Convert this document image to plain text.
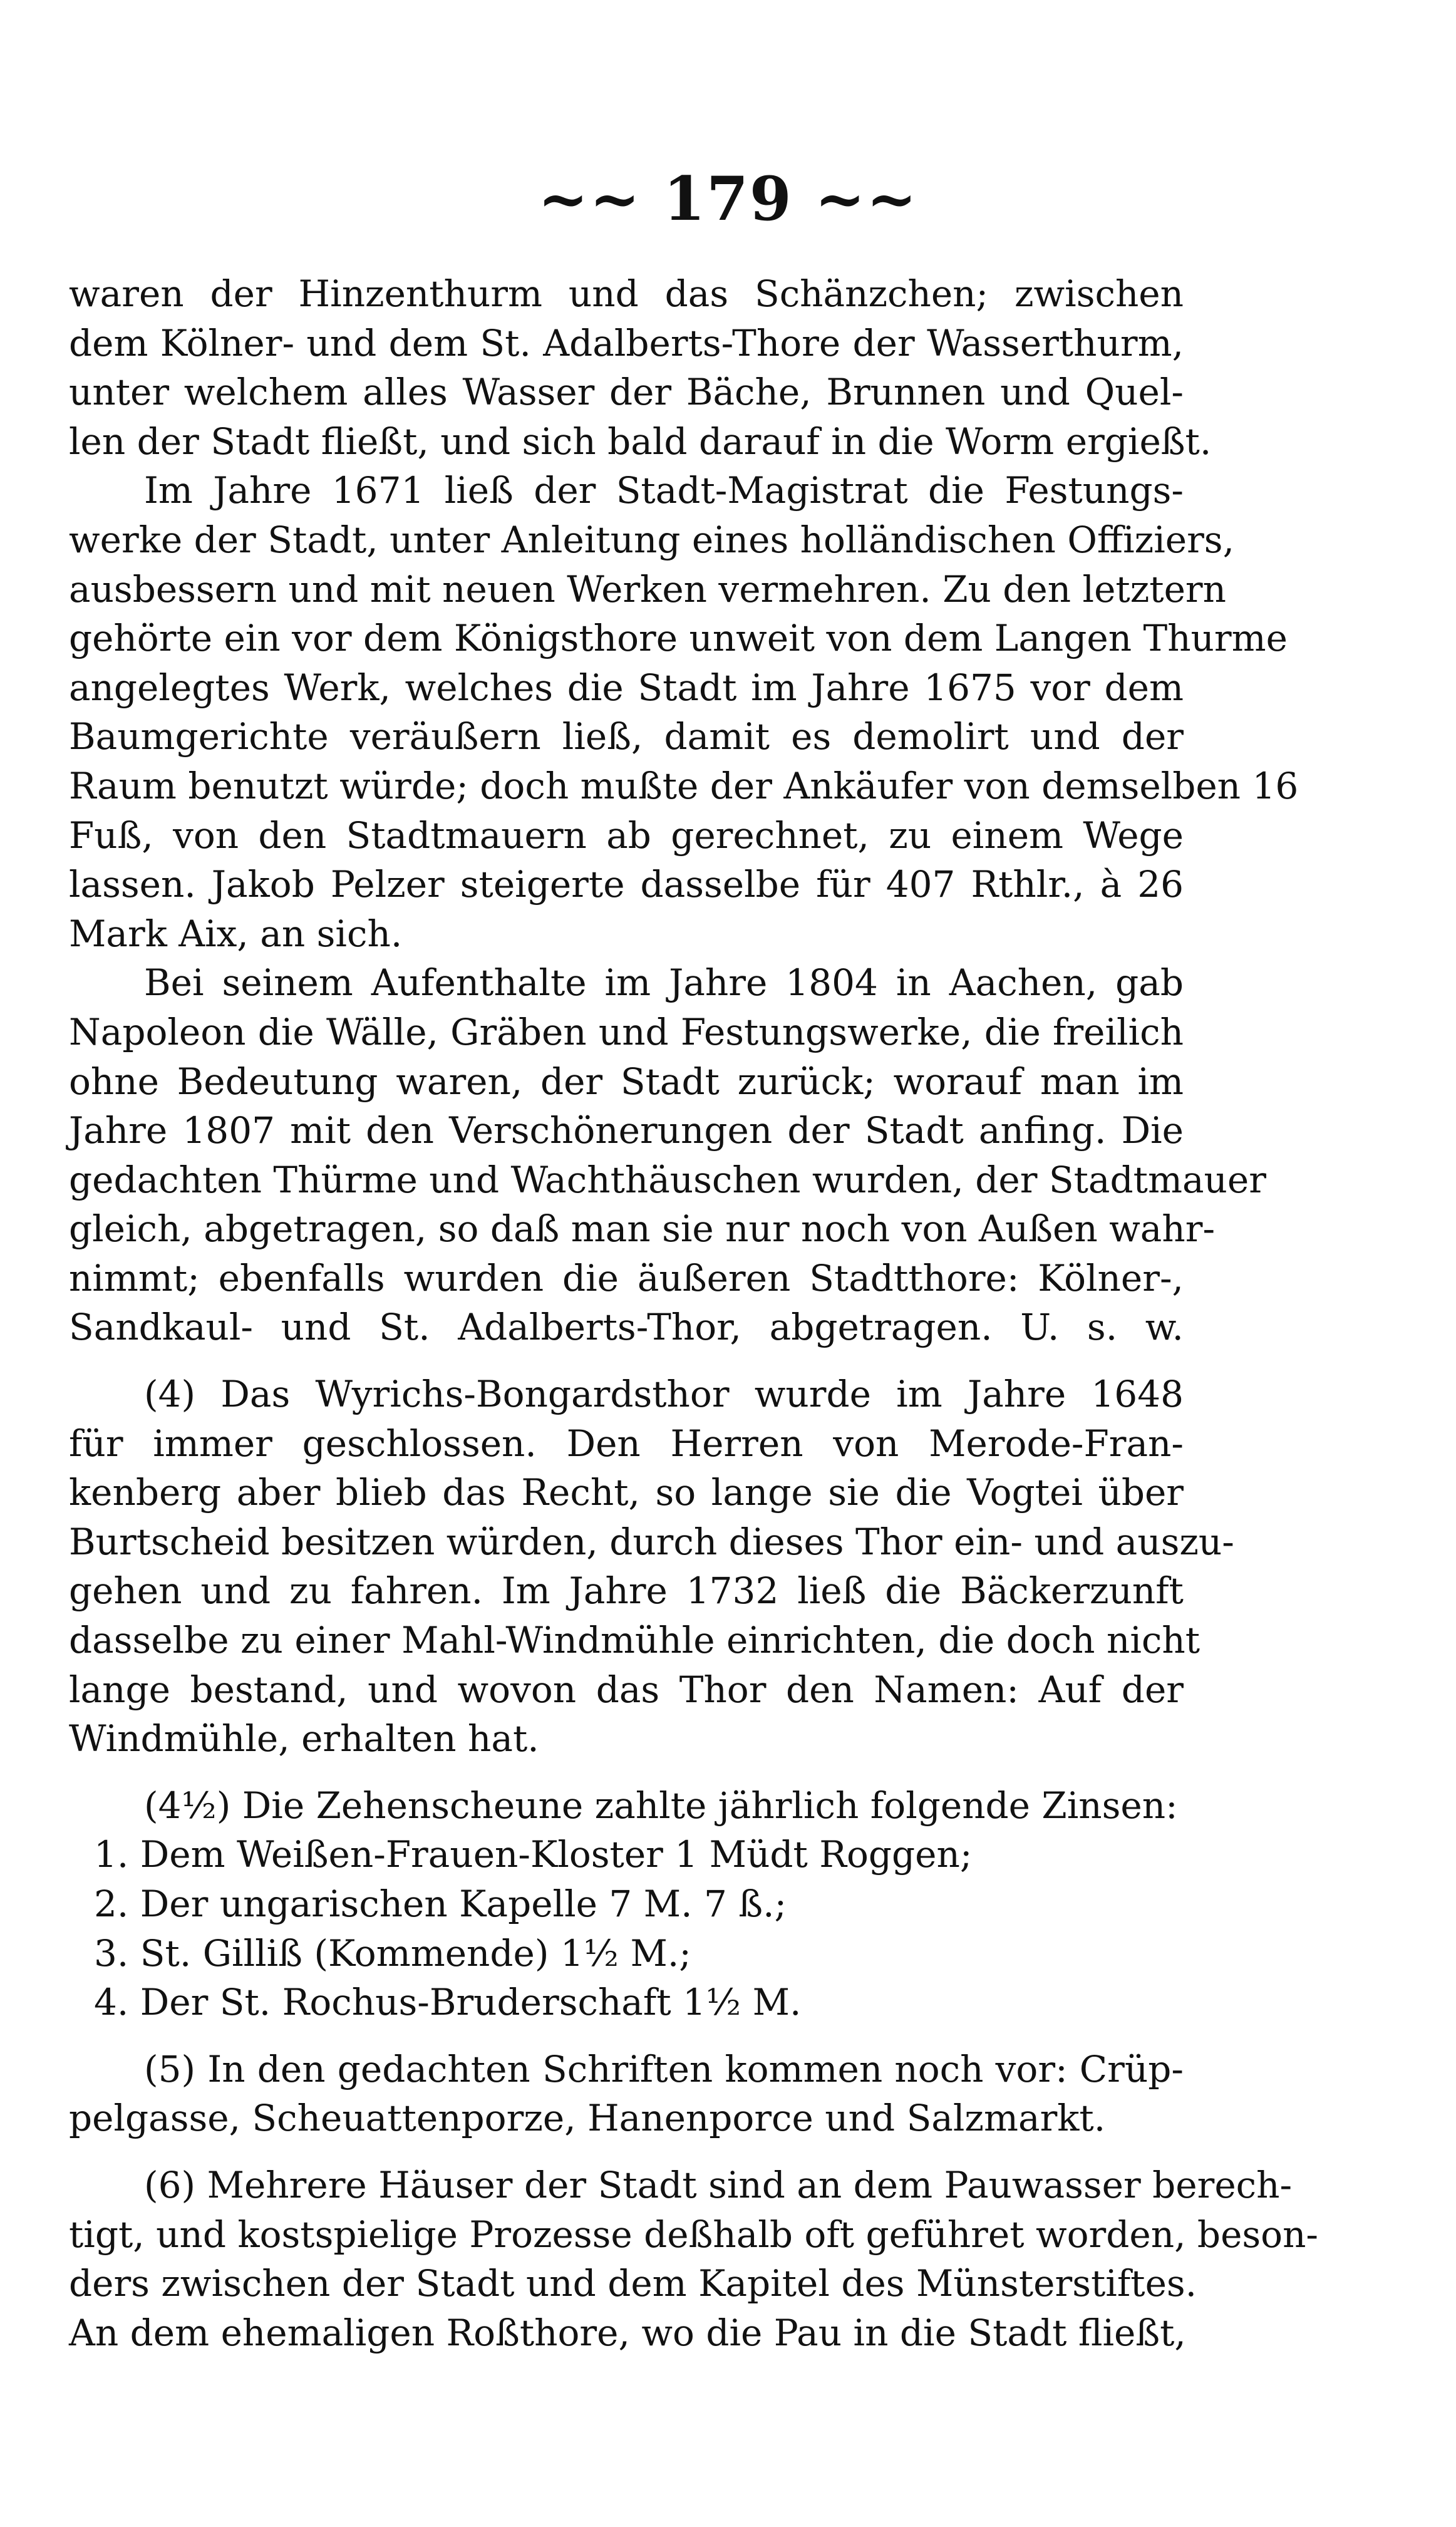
~~ 179 ~~
waren der Hinzenthurm und das Schänzchen; zwischen
dem Kölner- und dem St. Adalberts-Thore der Wasserthurm,
unter welchem alles Wasser der Bäche, Brunnen und Quel-
len der Stadt fließt, und sich bald darauf in die Worm ergießt.
Im Jahre 1671 ließ der Stadt-Magistrat die Festungs-
werke der Stadt, unter Anleitung eines holländischen Offiziers,
ausbessern und mit neuen Werken vermehren. Zu den letztern
gehörte ein vor dem Königsthore unweit von dem Langen Thurme
angelegtes Werk, welches die Stadt im Jahre 1675 vor dem
Baumgerichte veräußern ließ, damit es demolirt und der
Raum benutzt würde; doch mußte der Ankäufer von demselben 16
Fuß, von den Stadtmauern ab gerechnet, zu einem Wege
lassen. Jakob Pelzer steigerte dasselbe für 407 Rthlr., à 26
Mark Aix, an sich.
Bei seinem Aufenthalte im Jahre 1804 in Aachen, gab
Napoleon die Wälle, Gräben und Festungswerke, die freilich
ohne Bedeutung waren, der Stadt zurück; worauf man im
Jahre 1807 mit den Verschönerungen der Stadt anfing. Die
gedachten Thürme und Wachthäuschen wurden, der Stadtmauer
gleich, abgetragen, so daß man sie nur noch von Außen wahr-
nimmt; ebenfalls wurden die äußeren Stadtthore: Kölner-,
Sandkaul- und St. Adalberts-Thor, abgetragen. U. s. w.
(4) Das Wyrichs-Bongardsthor wurde im Jahre 1648
für immer geschlossen. Den Herren von Merode-Fran-
kenberg aber blieb das Recht, so lange sie die Vogtei über
Burtscheid besitzen würden, durch dieses Thor ein- und auszu-
gehen und zu fahren. Im Jahre 1732 ließ die Bäckerzunft
dasselbe zu einer Mahl-Windmühle einrichten, die doch nicht
lange bestand, und wovon das Thor den Namen: Auf der
Windmühle, erhalten hat.
(4½) Die Zehenscheune zahlte jährlich folgende Zinsen:
1. Dem Weißen-Frauen-Kloster 1 Müdt Roggen;
2. Der ungarischen Kapelle 7 M. 7 ß.;
3. St. Gilliß (Kommende) 1½ M.;
4. Der St. Rochus-Bruderschaft 1½ M.
(5) In den gedachten Schriften kommen noch vor: Crüp-
pelgasse, Scheuattenporze, Hanenporce und Salzmarkt.
(6) Mehrere Häuser der Stadt sind an dem Pauwasser berech-
tigt, und kostspielige Prozesse deßhalb oft geführet worden, beson-
ders zwischen der Stadt und dem Kapitel des Münsterstiftes.
An dem ehemaligen Roßthore, wo die Pau in die Stadt fließt,
